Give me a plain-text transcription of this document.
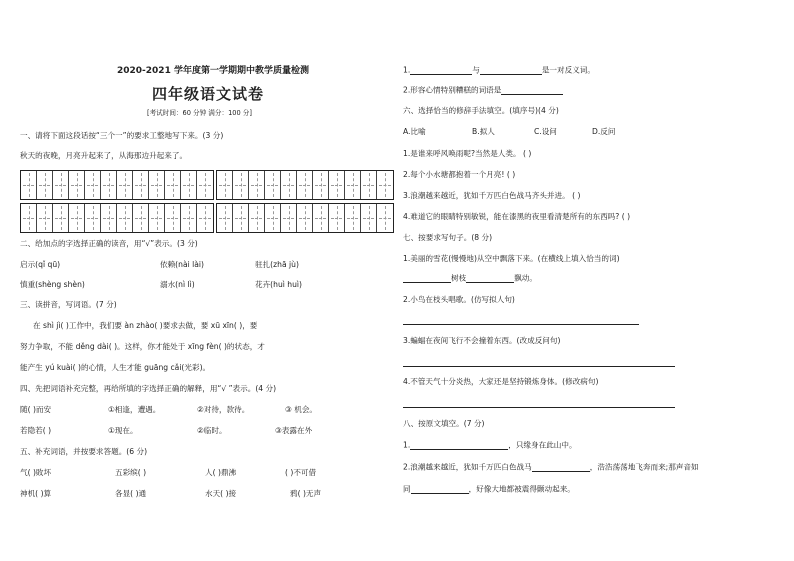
2020-2021 学年度第一学期期中教学质量检测
四年级语文试卷
[考试时间：60 分钟 满分：100 分]
一、请将下面这段话按“三个一”的要求工整地写下来。(3 分)
秋天的夜晚，月亮升起来了，从海那边升起来了。
二、给加点的字选择正确的读音，用“√”表示。(3 分)
启示(qǐ qū)	依赖(nài lài)	驻扎(zhā jù)
慎重(shèng shèn)	溺水(nì lì)	花卉(huì huì)
三、读拼音，写词语。(7 分)
在 shì jì( )工作中，我们要 àn zhào( )要求去做，要 xū xīn( )，要
努力争取，不能 děng dài( )。这样，你才能处于 xīng fèn( )的状态，才
能产生 yú kuài( )的心情，人生才能 guāng cǎi(光彩)。
四、先把词语补充完整，再给所填的字选择正确的解释，用“√ ”表示。(4 分)
随( )而安	①相逢，遭遇。	②对待，款待。	③ 机会。
若隐若( )	①现在。	②临时。	③表露在外
五、补充词语，并按要求答题。(6 分)
气( )敗坏	五彩缤( )	人( )鼎沸	( )不可借
神机( )算	各显( )通	水天( )接	鸦( )无声
1.	与	是一对反义词。
2.形容心情特别糟糕的词语是
六、选择恰当的修辞手法填空。(填序号)(4 分)
A.比喻	B.拟人	C.设问	D.反问
1.是谁来呼风唤雨呢?当然是人类。 ( )
2.每个小水塘都抱着一个月亮! ( )
3.浪潮越来越近，犹如千万匹白色战马齐头并进。 ( )
4.难道它的眼睛特别敏锐，能在漆黑的夜里看清楚所有的东西吗? ( )
七、按要求写句子。(8 分)
1.美丽的雪花(慢慢地)从空中飘落下来。(在横线上填入恰当的词)
树枝	飘动。
2.小鸟在枝头唱歌。(仿写拟人句)
3.蝙蝠在夜间飞行不会撞着东西。(改成反问句)
4.不管天气十分炎热，大家还是坚持锻炼身体。(修改病句)
八、按原文填空。(7 分)
1.	，只缘身在此山中。
2.浪潮越来越近，犹如千万匹白色战马	，浩浩荡荡地飞奔而来;那声音如
同	，好像大地都被震得颤动起来。
